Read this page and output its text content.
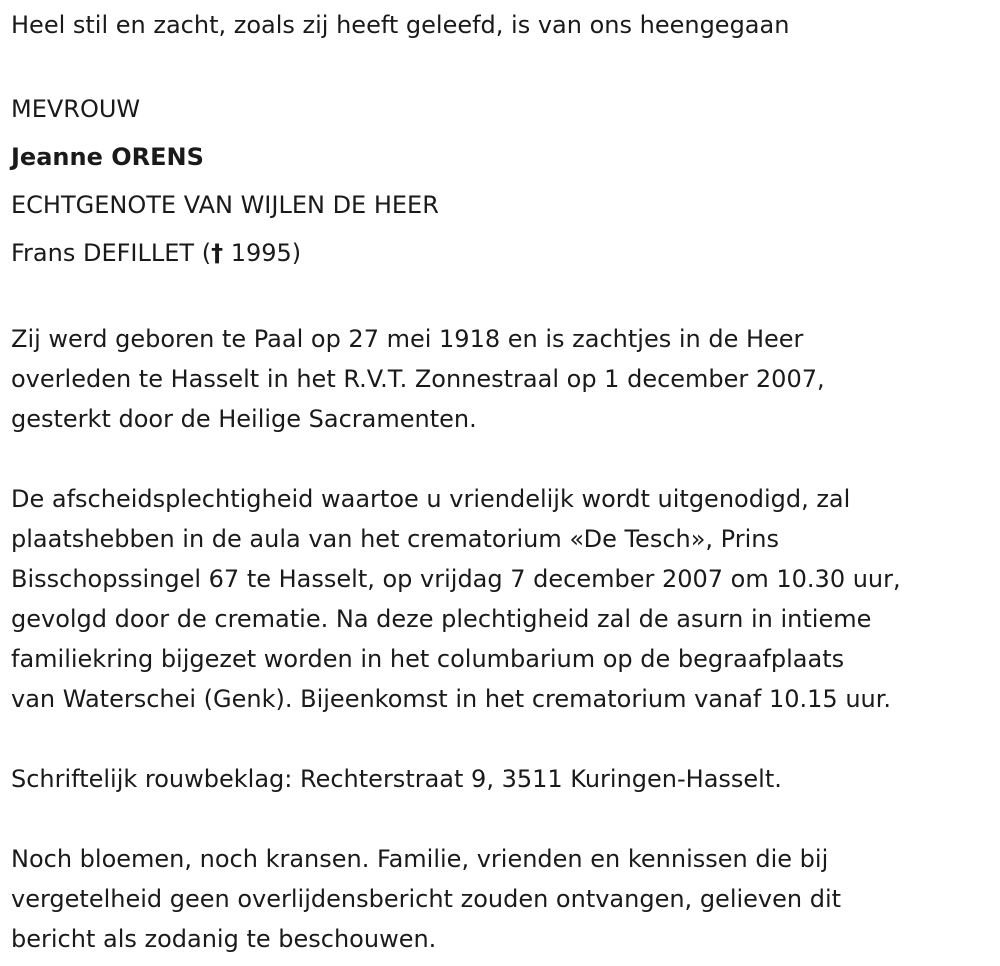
Heel stil en zacht, zoals zij heeft geleefd, is van ons heengegaan

MEVROUW

Jeanne ORENS

ECHTGENOTE VAN WIJLEN DE HEER

Frans DEFILLET († 1995)

Zij werd geboren te Paal op 27 mei 1918 en is zachtjes in de Heer

overleden te Hasselt in het R.V.T. Zonnestraal op 1 december 2007,

gesterkt door de Heilige Sacramenten.

De afscheidsplechtigheid waartoe u vriendelijk wordt uitgenodigd, zal

plaatshebben in de aula van het crematorium «De Tesch», Prins

Bisschopssingel 67 te Hasselt, op vrijdag 7 december 2007 om 10.30 uur,

gevolgd door de crematie. Na deze plechtigheid zal de asurn in intieme

familiekring bijgezet worden in het columbarium op de begraafplaats

van Waterschei (Genk). Bijeenkomst in het crematorium vanaf 10.15 uur.

Schriftelijk rouwbeklag: Rechterstraat 9, 3511 Kuringen-Hasselt.

Noch bloemen, noch kransen. Familie, vrienden en kennissen die bij

vergetelheid geen overlijdensbericht zouden ontvangen, gelieven dit

bericht als zodanig te beschouwen.
